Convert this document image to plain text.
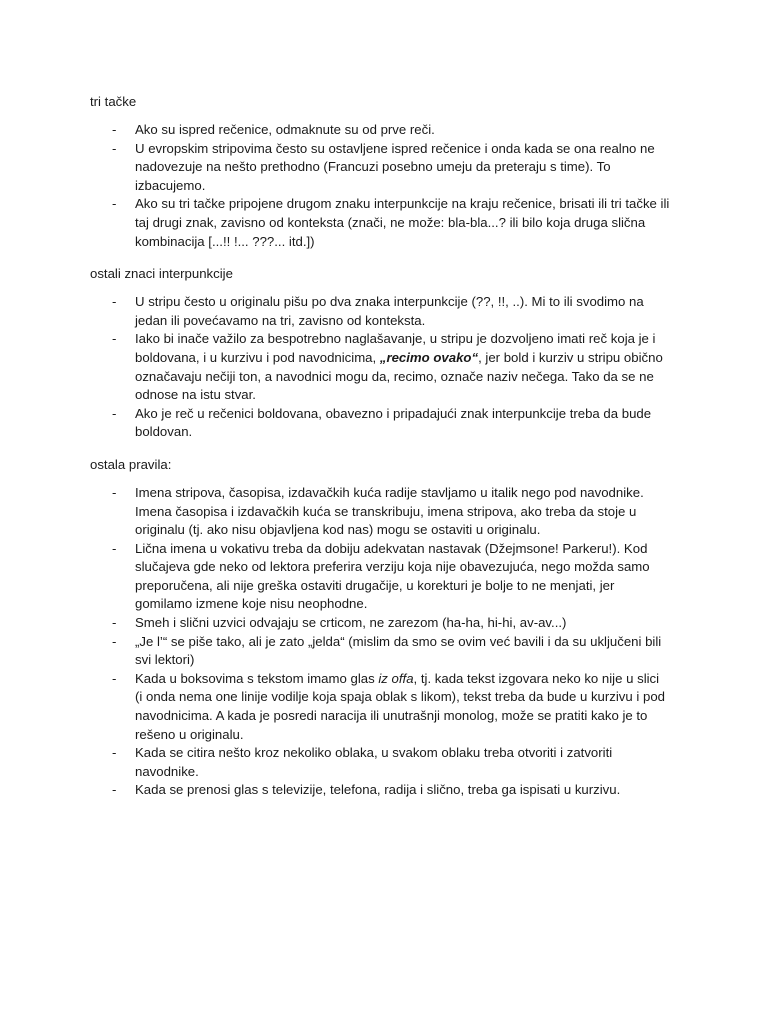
tri tačke

- Ako su ispred rečenice, odmaknute su od prve reči.
- U evropskim stripovima često su ostavljene ispred rečenice i onda kada se ona realno ne nadovezuje na nešto prethodno (Francuzi posebno umeju da preteraju s time). To izbacujemo.
- Ako su tri tačke pripojene drugom znaku interpunkcije na kraju rečenice, brisati ili tri tačke ili taj drugi znak, zavisno od konteksta (znači, ne može: bla-bla...? ili bilo koja druga slična kombinacija [...!! !... ???... itd.])

ostali znaci interpunkcije

- U stripu često u originalu pišu po dva znaka interpunkcije (??, !!, ..). Mi to ili svodimo na jedan ili povećavamo na tri, zavisno od konteksta.
- Iako bi inače važilo za bespotrebno naglašavanje, u stripu je dozvoljeno imati reč koja je i boldovana, i u kurzivu i pod navodnicima, „recimo ovako“, jer bold i kurziv u stripu obično označavaju nečiji ton, a navodnici mogu da, recimo, označe naziv nečega. Tako da se ne odnose na istu stvar.
- Ako je reč u rečenici boldovana, obavezno i pripadajući znak interpunkcije treba da bude boldovan.

ostala pravila:

- Imena stripova, časopisa, izdavačkih kuća radije stavljamo u italik nego pod navodnike. Imena časopisa i izdavačkih kuća se transkribuju, imena stripova, ako treba da stoje u originalu (tj. ako nisu objavljena kod nas) mogu se ostaviti u originalu.
- Lična imena u vokativu treba da dobiju adekvatan nastavak (Džejmsone! Parkeru!). Kod slučajeva gde neko od lektora preferira verziju koja nije obavezujuća, nego možda samo preporučena, ali nije greška ostaviti drugačije, u korekturi je bolje to ne menjati, jer gomilamo izmene koje nisu neophodne.
- Smeh i slični uzvici odvajaju se crticom, ne zarezom (ha-ha, hi-hi, av-av...)
- „Je l’“ se piše tako, ali je zato „jelda“ (mislim da smo se ovim već bavili i da su uključeni bili svi lektori)
- Kada u boksovima s tekstom imamo glas iz offa, tj. kada tekst izgovara neko ko nije u slici (i onda nema one linije vodilje koja spaja oblak s likom), tekst treba da bude u kurzivu i pod navodnicima. A kada je posredi naracija ili unutrašnji monolog, može se pratiti kako je to rešeno u originalu.
- Kada se citira nešto kroz nekoliko oblaka, u svakom oblaku treba otvoriti i zatvoriti navodnike.
- Kada se prenosi glas s televizije, telefona, radija i slično, treba ga ispisati u kurzivu.
